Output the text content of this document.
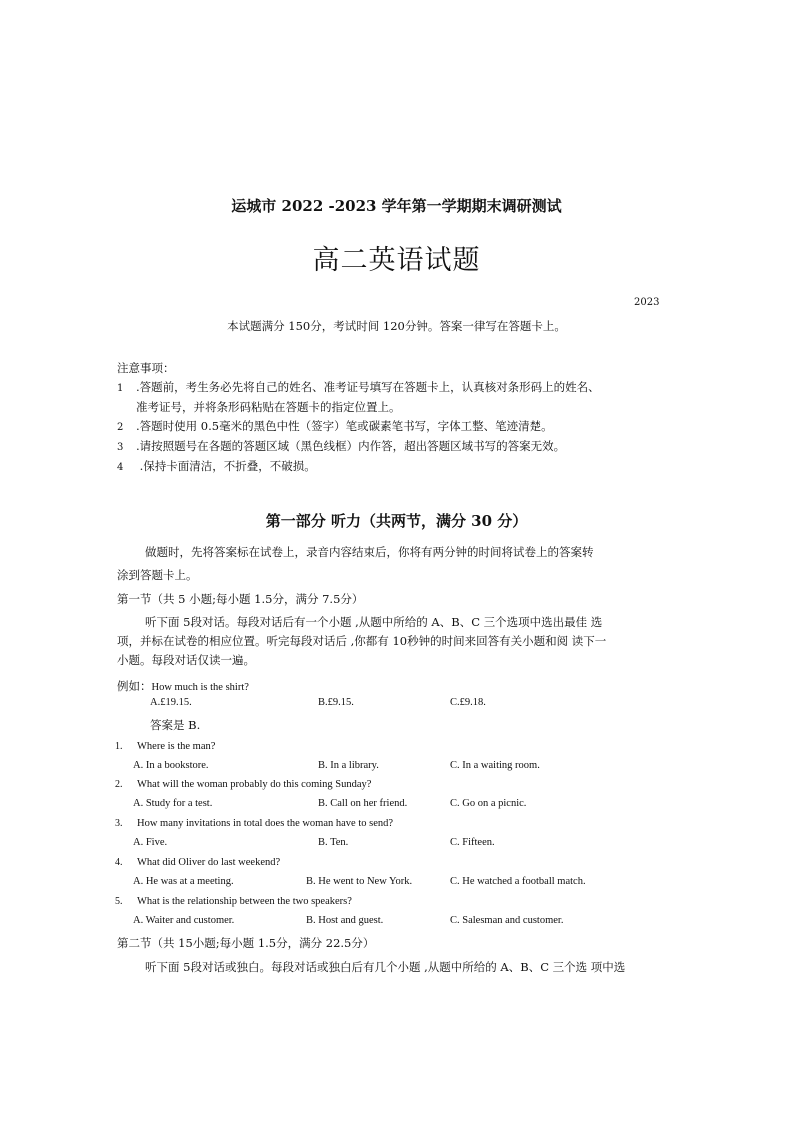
运城市 2022 -2023 学年第一学期期末调研测试
高二英语试题
2023
本试题满分 150分，考试时间 120分钟。答案一律写在答题卡上。
注意事项：
1 .答题前，考生务必先将自己的姓名、准考证号填写在答题卡上，认真核对条形码上的姓名、
准考证号，并将条形码粘贴在答题卡的指定位置上。
2 .答题时使用 0.5毫米的黑色中性（签字）笔或碳素笔书写，字体工整、笔迹清楚。
3 .请按照题号在各题的答题区域（黑色线框）内作答，超出答题区域书写的答案无效。
4 .保持卡面清洁，不折叠，不破损。
第一部分 听力（共两节，满分 30 分）
做题时，先将答案标在试卷上，录音内容结束后，你将有两分钟的时间将试卷上的答案转
涂到答题卡上。
第一节（共 5 小题;每小题 1.5分，满分 7.5分）
听下面 5段对话。每段对话后有一个小题 ,从题中所给的 A、B、C 三个选项中选出最佳 选
项，并标在试卷的相应位置。听完每段对话后 ,你都有 10秒钟的时间来回答有关小题和阅 读下一
小题。每段对话仅读一遍。
例如：How much is the shirt?
A.£19.15.	B.£9.15.	C.£9.18.
答案是 B.
1. Where is the man?
A. In a bookstore.	B. In a library.	C. In a waiting room.
2. What will the woman probably do this coming Sunday?
A. Study for a test.	B. Call on her friend.	C. Go on a picnic.
3. How many invitations in total does the woman have to send?
A. Five.	B. Ten.	C. Fifteen.
4. What did Oliver do last weekend?
A. He was at a meeting.	B. He went to New York.	C. He watched a football match.
5. What is the relationship between the two speakers?
A. Waiter and customer.	B. Host and guest.	C. Salesman and customer.
第二节（共 15小题;每小题 1.5分，满分 22.5分）
听下面 5段对话或独白。每段对话或独白后有几个小题 ,从题中所给的 A、B、C 三个选 项中选
